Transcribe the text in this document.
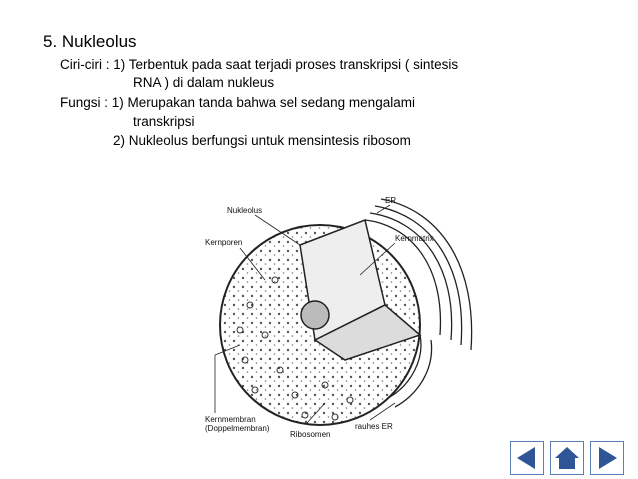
5. Nukleolus
Ciri-ciri : 1) Terbentuk pada saat terjadi proses transkripsi ( sintesis
RNA ) di dalam nukleus
Fungsi : 1) Merupakan tanda bahwa sel sedang mengalami
transkripsi
2) Nukleolus berfungsi untuk mensintesis ribosom
Nukleolus
Kernporen
ER
Kernmatrix
Kernmembran
(Doppelmembran)
Ribosomen
rauhes ER
